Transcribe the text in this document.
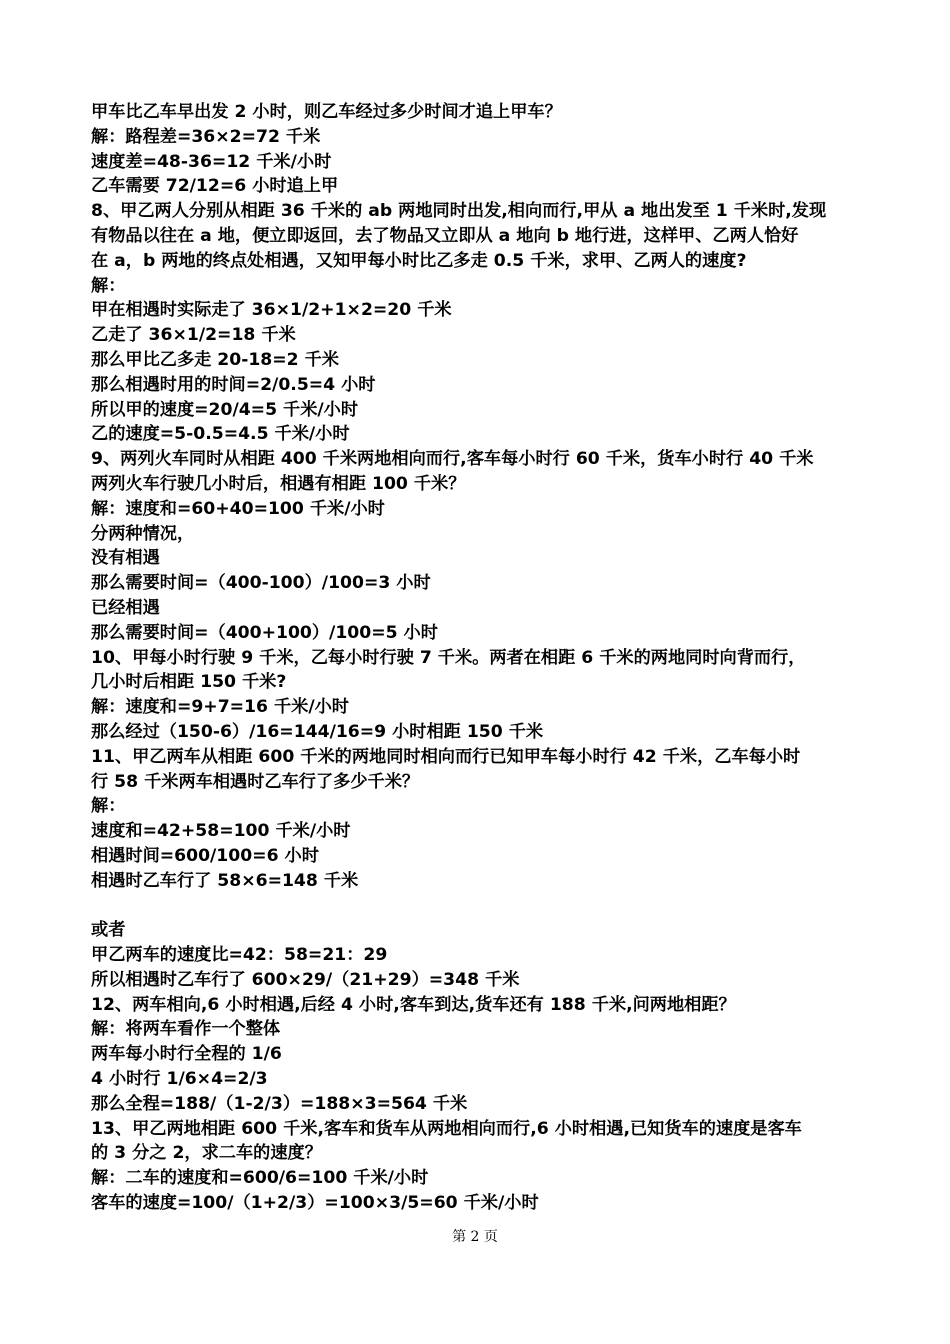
甲车比乙车早出发 2 小时，则乙车经过多少时间才追上甲车？
解：路程差=36×2=72 千米
速度差=48-36=12 千米/小时
乙车需要 72/12=6 小时追上甲
8、甲乙两人分别从相距 36 千米的 ab 两地同时出发,相向而行,甲从 a 地出发至 1 千米时,发现
有物品以往在 a 地，便立即返回，去了物品又立即从 a 地向 b 地行进，这样甲、乙两人恰好
在 a，b 两地的终点处相遇，又知甲每小时比乙多走 0.5 千米，求甲、乙两人的速度?
解：
甲在相遇时实际走了 36×1/2+1×2=20 千米
乙走了 36×1/2=18 千米
那么甲比乙多走 20-18=2 千米
那么相遇时用的时间=2/0.5=4 小时
所以甲的速度=20/4=5 千米/小时
乙的速度=5-0.5=4.5 千米/小时
9、两列火车同时从相距 400 千米两地相向而行,客车每小时行 60 千米，货车小时行 40 千米
两列火车行驶几小时后，相遇有相距 100 千米？
解：速度和=60+40=100 千米/小时
分两种情况，
没有相遇
那么需要时间=（400-100）/100=3 小时
已经相遇
那么需要时间=（400+100）/100=5 小时
10、甲每小时行驶 9 千米，乙每小时行驶 7 千米。两者在相距 6 千米的两地同时向背而行，
几小时后相距 150 千米?
解：速度和=9+7=16 千米/小时
那么经过（150-6）/16=144/16=9 小时相距 150 千米
11、甲乙两车从相距 600 千米的两地同时相向而行已知甲车每小时行 42 千米，乙车每小时
行 58 千米两车相遇时乙车行了多少千米？
解：
速度和=42+58=100 千米/小时
相遇时间=600/100=6 小时
相遇时乙车行了 58×6=148 千米
或者
甲乙两车的速度比=42：58=21：29
所以相遇时乙车行了 600×29/（21+29）=348 千米
12、两车相向,6 小时相遇,后经 4 小时,客车到达,货车还有 188 千米,问两地相距？
解：将两车看作一个整体
两车每小时行全程的 1/6
4 小时行 1/6×4=2/3
那么全程=188/（1-2/3）=188×3=564 千米
13、甲乙两地相距 600 千米,客车和货车从两地相向而行,6 小时相遇,已知货车的速度是客车
的 3 分之 2，求二车的速度？
解：二车的速度和=600/6=100 千米/小时
客车的速度=100/（1+2/3）=100×3/5=60 千米/小时
第 2 页
